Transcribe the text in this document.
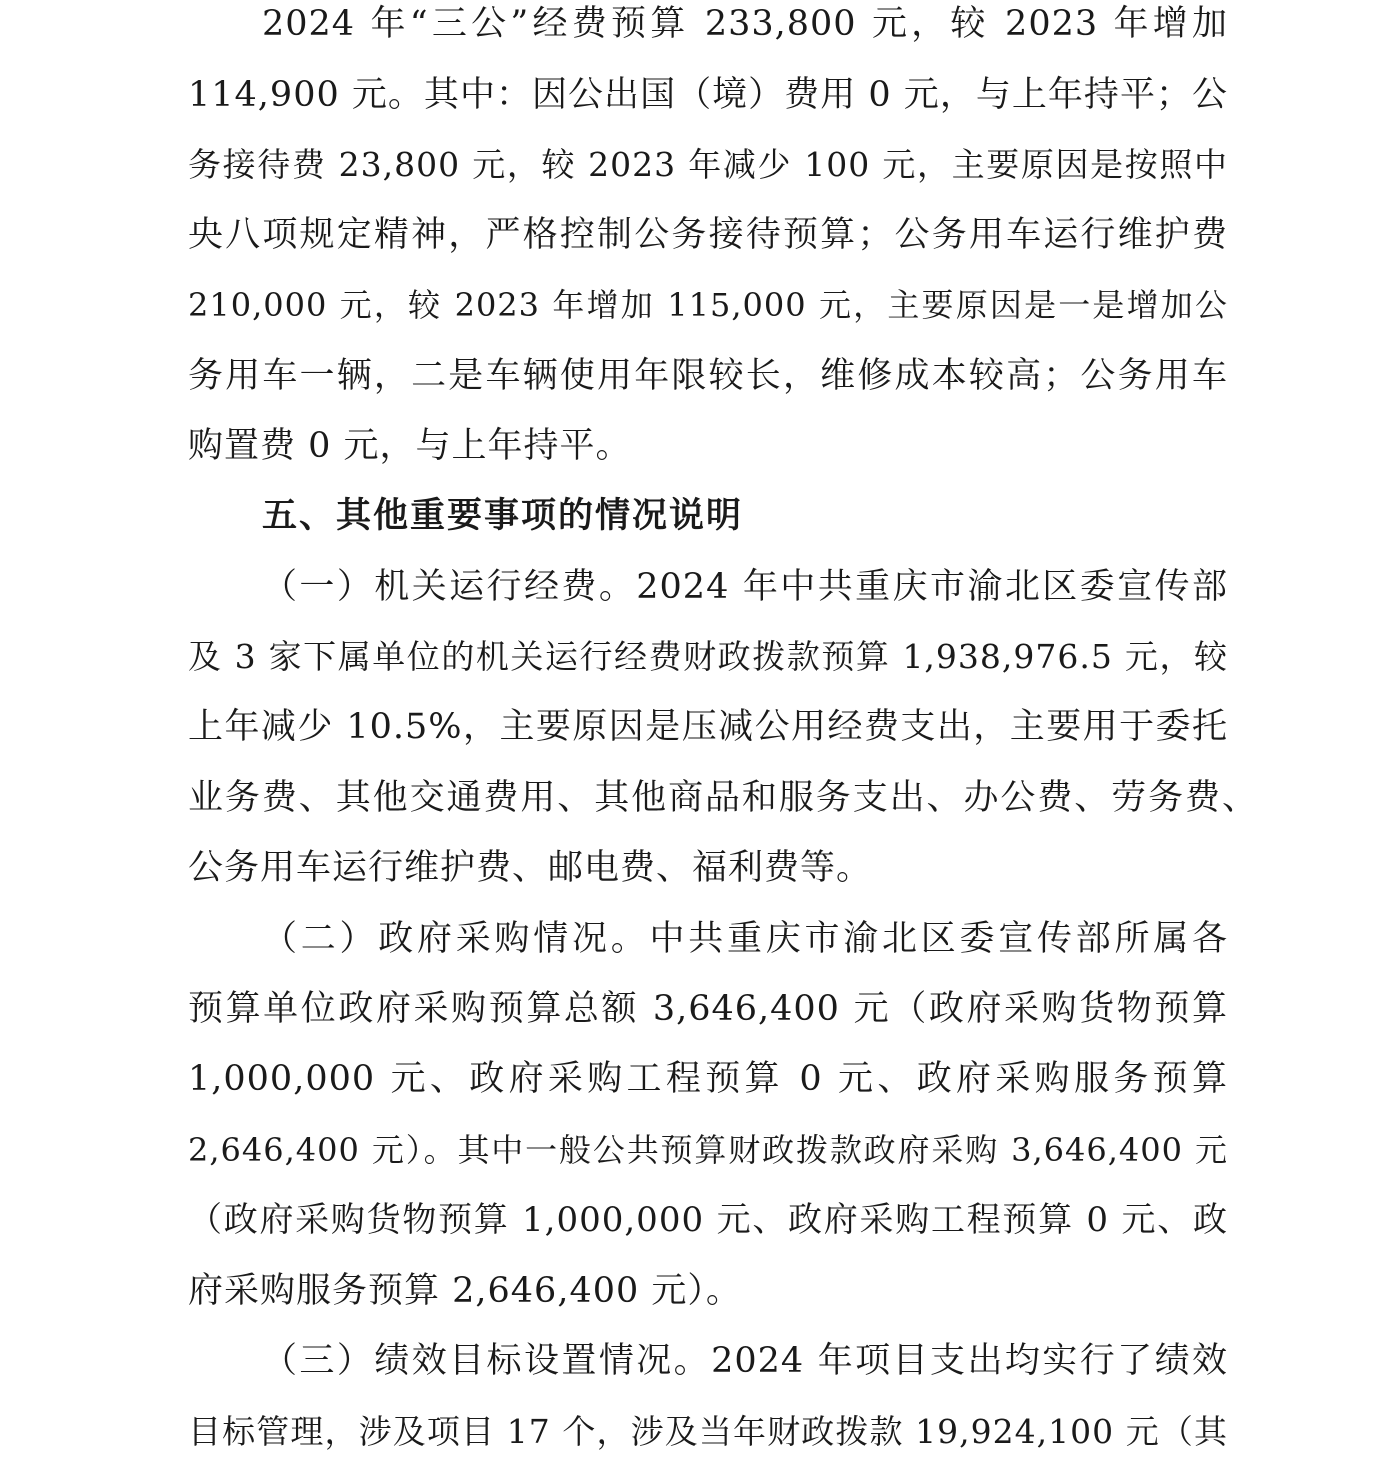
2024 年“三公”经费预算 233,800 元，较 2023 年增加
114,900 元。其中：因公出国（境）费用 0 元，与上年持平；公
务接待费 23,800 元，较 2023 年减少 100 元，主要原因是按照中
央八项规定精神，严格控制公务接待预算；公务用车运行维护费
210,000 元，较 2023 年增加 115,000 元，主要原因是一是增加公
务用车一辆，二是车辆使用年限较长，维修成本较高；公务用车
购置费 0 元，与上年持平。
五、其他重要事项的情况说明
（一）机关运行经费。2024 年中共重庆市渝北区委宣传部
及 3 家下属单位的机关运行经费财政拨款预算 1,938,976.5 元，较
上年减少 10.5%，主要原因是压减公用经费支出，主要用于委托
业务费、其他交通费用、其他商品和服务支出、办公费、劳务费、
公务用车运行维护费、邮电费、福利费等。
（二）政府采购情况。中共重庆市渝北区委宣传部所属各
预算单位政府采购预算总额 3,646,400 元（政府采购货物预算
1,000,000 元、政府采购工程预算 0 元、政府采购服务预算
2,646,400 元）。其中一般公共预算财政拨款政府采购 3,646,400 元
（政府采购货物预算 1,000,000 元、政府采购工程预算 0 元、政
府采购服务预算 2,646,400 元）。
（三）绩效目标设置情况。2024 年项目支出均实行了绩效
目标管理，涉及项目 17 个，涉及当年财政拨款 19,924,100 元（其
